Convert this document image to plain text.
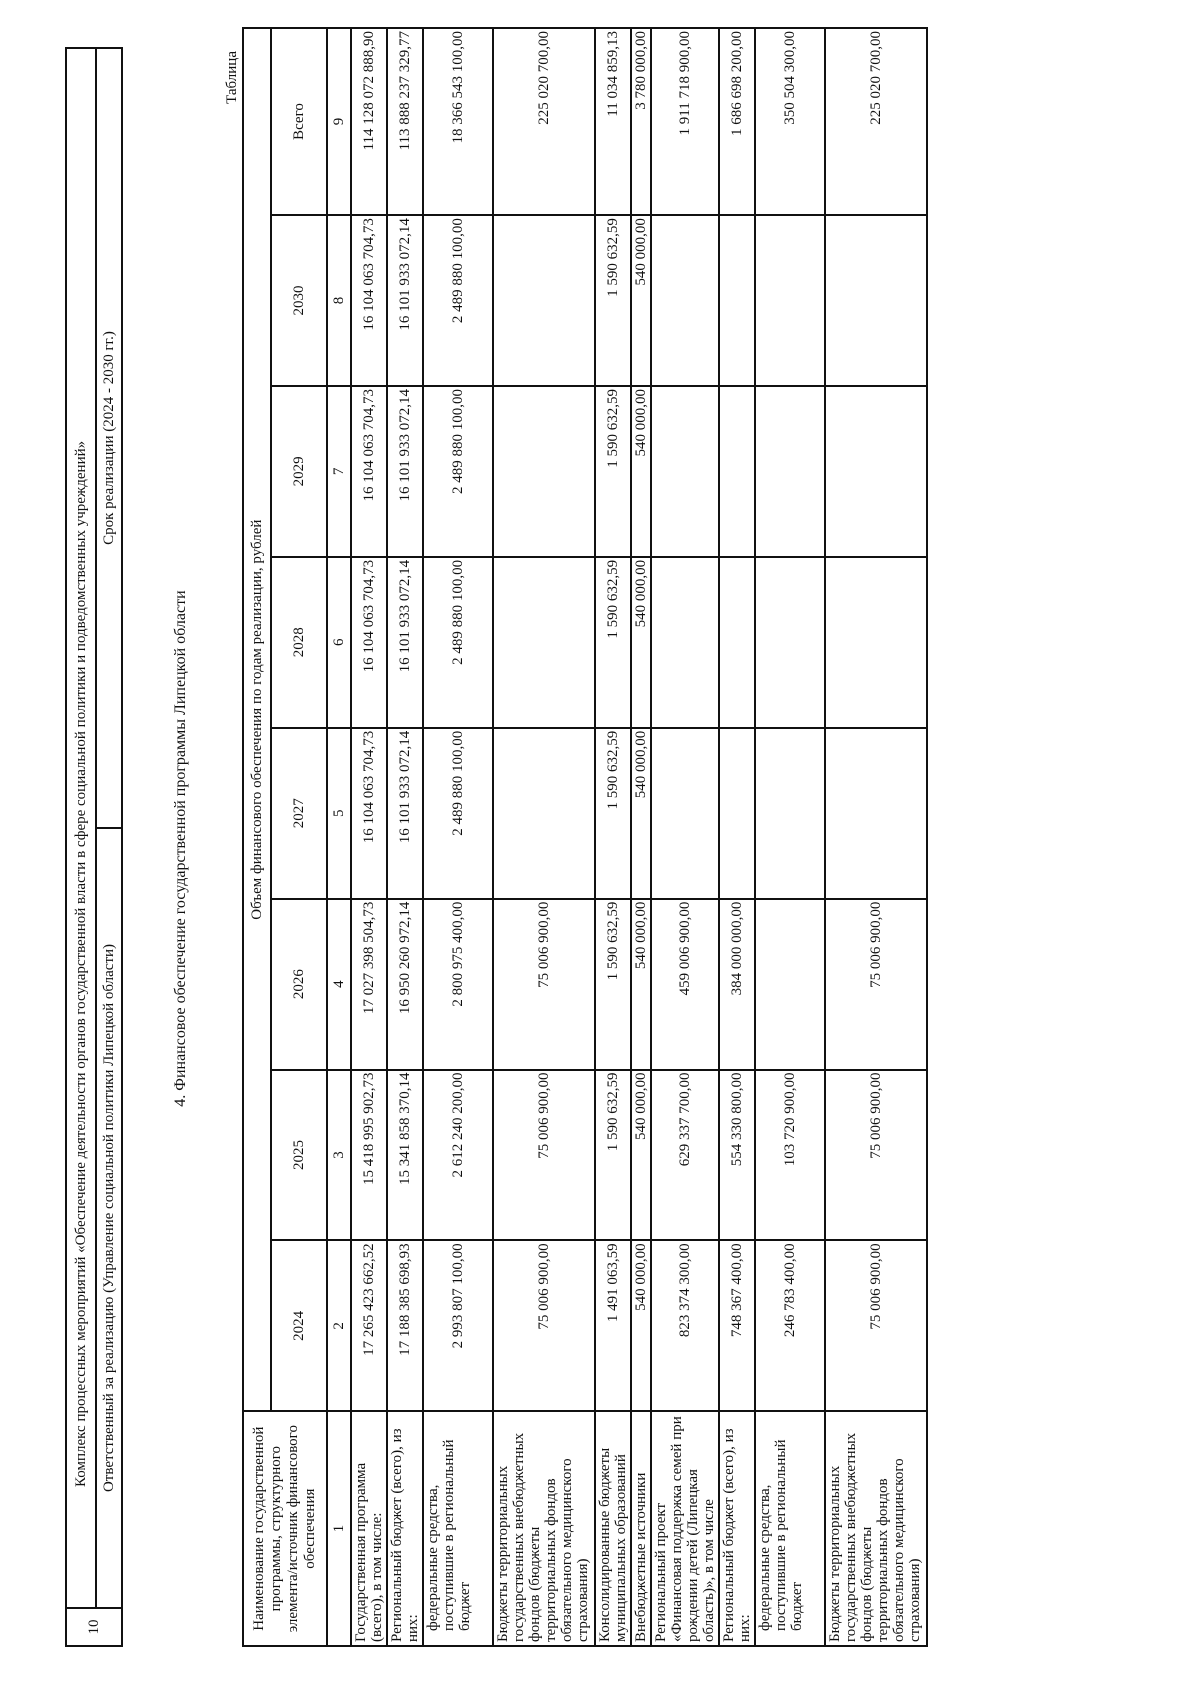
10	Комплекс процессных мероприятий «Обеспечение деятельности органов государственной власти в сфере социальной политики и подведомственных учреждений»	
	Ответственный за реализацию (Управление социальной политики Липецкой области)	Срок реализации (2024 - 2030 гг.)
4. Финансовое обеспечение государственной программы Липецкой области
Таблица
Наименование государственной программы, структурного элемента/источник финансового обеспечения	Объем финансового обеспечения по годам реализации, рублей							
	2024	2025	2026	2027	2028	2029	2030	Всего
1	2	3	4	5	6	7	8	9
Государственная программа (всего), в том числе:	17 265 423 662,52	15 418 995 902,73	17 027 398 504,73	16 104 063 704,73	16 104 063 704,73	16 104 063 704,73	16 104 063 704,73	114 128 072 888,90
Региональный бюджет (всего), из них:	17 188 385 698,93	15 341 858 370,14	16 950 260 972,14	16 101 933 072,14	16 101 933 072,14	16 101 933 072,14	16 101 933 072,14	113 888 237 329,77
федеральные средства, поступившие в региональный бюджет	2 993 807 100,00	2 612 240 200,00	2 800 975 400,00	2 489 880 100,00	2 489 880 100,00	2 489 880 100,00	2 489 880 100,00	18 366 543 100,00
Бюджеты территориальных государственных внебюджетных фондов (бюджеты территориальных фондов обязательного медицинского страхования)	75 006 900,00	75 006 900,00	75 006 900,00					225 020 700,00
Консолидированные бюджеты муниципальных образований	1 491 063,59	1 590 632,59	1 590 632,59	1 590 632,59	1 590 632,59	1 590 632,59	1 590 632,59	11 034 859,13
Внебюджетные источники	540 000,00	540 000,00	540 000,00	540 000,00	540 000,00	540 000,00	540 000,00	3 780 000,00
Региональный проект «Финансовая поддержка семей при рождении детей (Липецкая область)», в том числе	823 374 300,00	629 337 700,00	459 006 900,00					1 911 718 900,00
Региональный бюджет (всего), из них:	748 367 400,00	554 330 800,00	384 000 000,00					1 686 698 200,00
федеральные средства, поступившие в региональный бюджет	246 783 400,00	103 720 900,00						350 504 300,00
Бюджеты территориальных государственных внебюджетных фондов (бюджеты территориальных фондов обязательного медицинского страхования)	75 006 900,00	75 006 900,00	75 006 900,00					225 020 700,00
